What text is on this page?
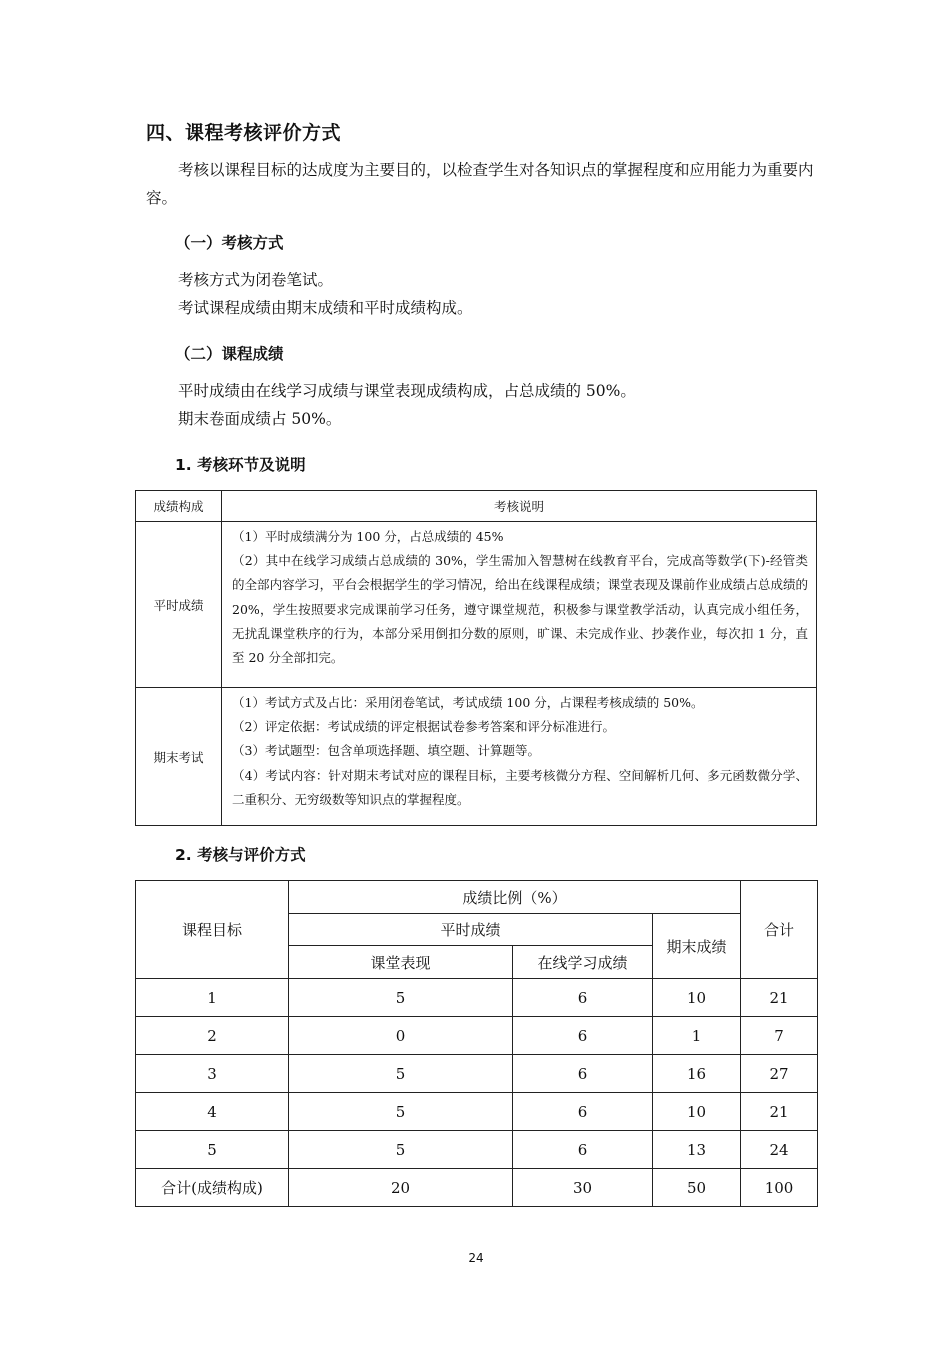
四、课程考核评价方式
考核以课程目标的达成度为主要目的，以检查学生对各知识点的掌握程度和应用能力为重要内容。
（一）考核方式
考核方式为闭卷笔试。
考试课程成绩由期末成绩和平时成绩构成。
（二）课程成绩
平时成绩由在线学习成绩与课堂表现成绩构成，占总成绩的 50%。
期末卷面成绩占 50%。
1. 考核环节及说明
成绩构成	考核说明
平时成绩	（1）平时成绩满分为 100 分，占总成绩的 45%
（2）其中在线学习成绩占总成绩的 30%，学生需加入智慧树在线教育平台，完成高等数学(下)-经管类的全部内容学习，平台会根据学生的学习情况，给出在线课程成绩；课堂表现及课前作业成绩占总成绩的 20%，学生按照要求完成课前学习任务，遵守课堂规范，积极参与课堂教学活动，认真完成小组任务，无扰乱课堂秩序的行为，本部分采用倒扣分数的原则，旷课、未完成作业、抄袭作业，每次扣 1 分，直至 20 分全部扣完。

期末考试	（1）考试方式及占比：采用闭卷笔试，考试成绩 100 分，占课程考核成绩的 50%。
（2）评定依据：考试成绩的评定根据试卷参考答案和评分标准进行。
（3）考试题型：包含单项选择题、填空题、计算题等。
（4）考试内容：针对期末考试对应的课程目标，主要考核微分方程、空间解析几何、多元函数微分学、二重积分、无穷级数等知识点的掌握程度。
2. 考核与评价方式
课程目标	成绩比例（%）			合计
	平时成绩		期末成绩	
	课堂表现	在线学习成绩		
1	5	6	10	21
2	0	6	1	7
3	5	6	16	27
4	5	6	10	21
5	5	6	13	24
合计(成绩构成)	20	30	50	100
24
